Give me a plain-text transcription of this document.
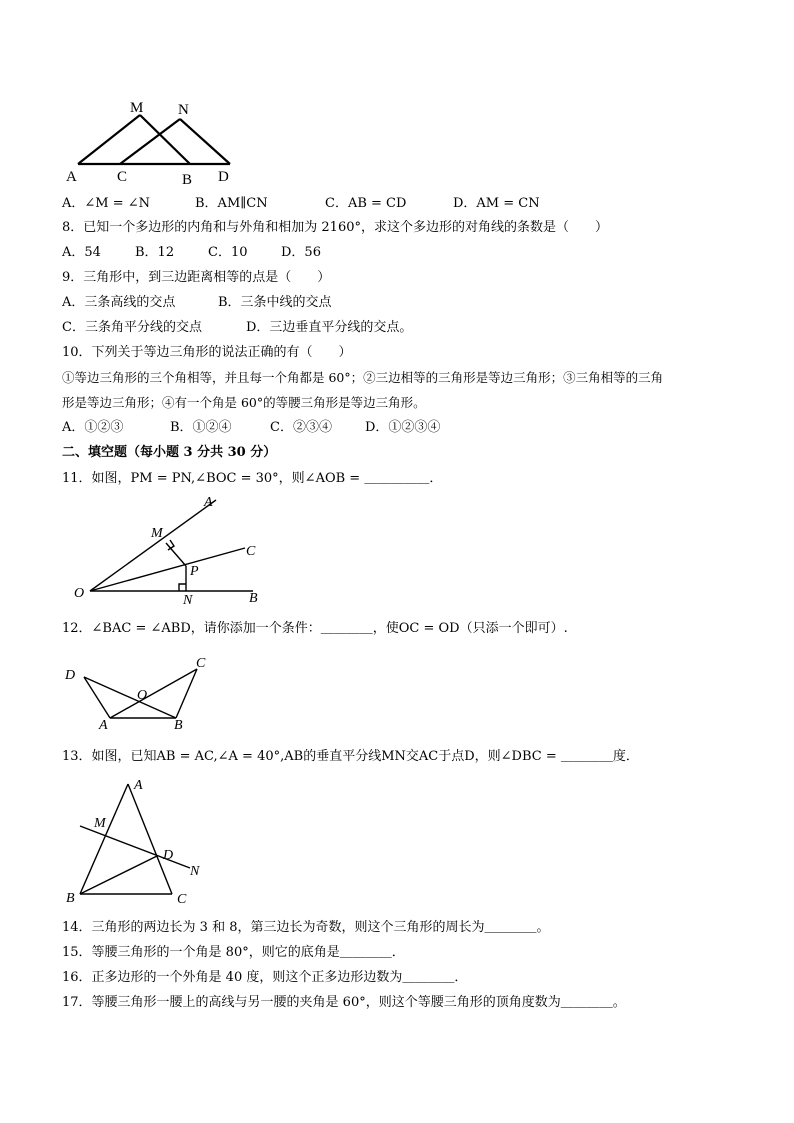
M N
A	C	B D
A．∠M = ∠N	B．AM∥CN	C．AB = CD	D．AM = CN
8．已知一个多边形的内角和与外角和相加为 2160°，求这个多边形的对角线的条数是（　　）
A．54	B．12	C．10	D．56
9．三角形中，到三边距离相等的点是（　　）
A．三条高线的交点	B．三条中线的交点
C．三条角平分线的交点	D．三边垂直平分线的交点。
10．下列关于等边三角形的说法正确的有（　　）
①等边三角形的三个角相等，并且每一个角都是 60°；②三边相等的三角形是等边三角形；③三角相等的三角
形是等边三角形；④有一个角是 60°的等腰三角形是等边三角形。
A．①②③	B．①②④	C．②③④	D．①②③④
二、填空题（每小题 3 分共 30 分）
11．如图，PM = PN,∠BOC = 30°，则∠AOB = ＿＿＿＿＿．
A
M
C
P
O	N	B
12．∠BAC = ∠ABD，请你添加一个条件：＿＿＿＿，使OC = OD（只添一个即可）.
D
C
O
A	B
13．如图，已知AB = AC,∠A = 40°,AB的垂直平分线MN交AC于点D，则∠DBC = ＿＿＿＿度．
A
M
D
N
B	C
14．三角形的两边长为 3 和 8，第三边长为奇数，则这个三角形的周长为＿＿＿＿。
15．等腰三角形的一个角是 80°，则它的底角是＿＿＿＿．
16．正多边形的一个外角是 40 度，则这个正多边形边数为＿＿＿＿．
17．等腰三角形一腰上的高线与另一腰的夹角是 60°，则这个等腰三角形的顶角度数为＿＿＿＿。
